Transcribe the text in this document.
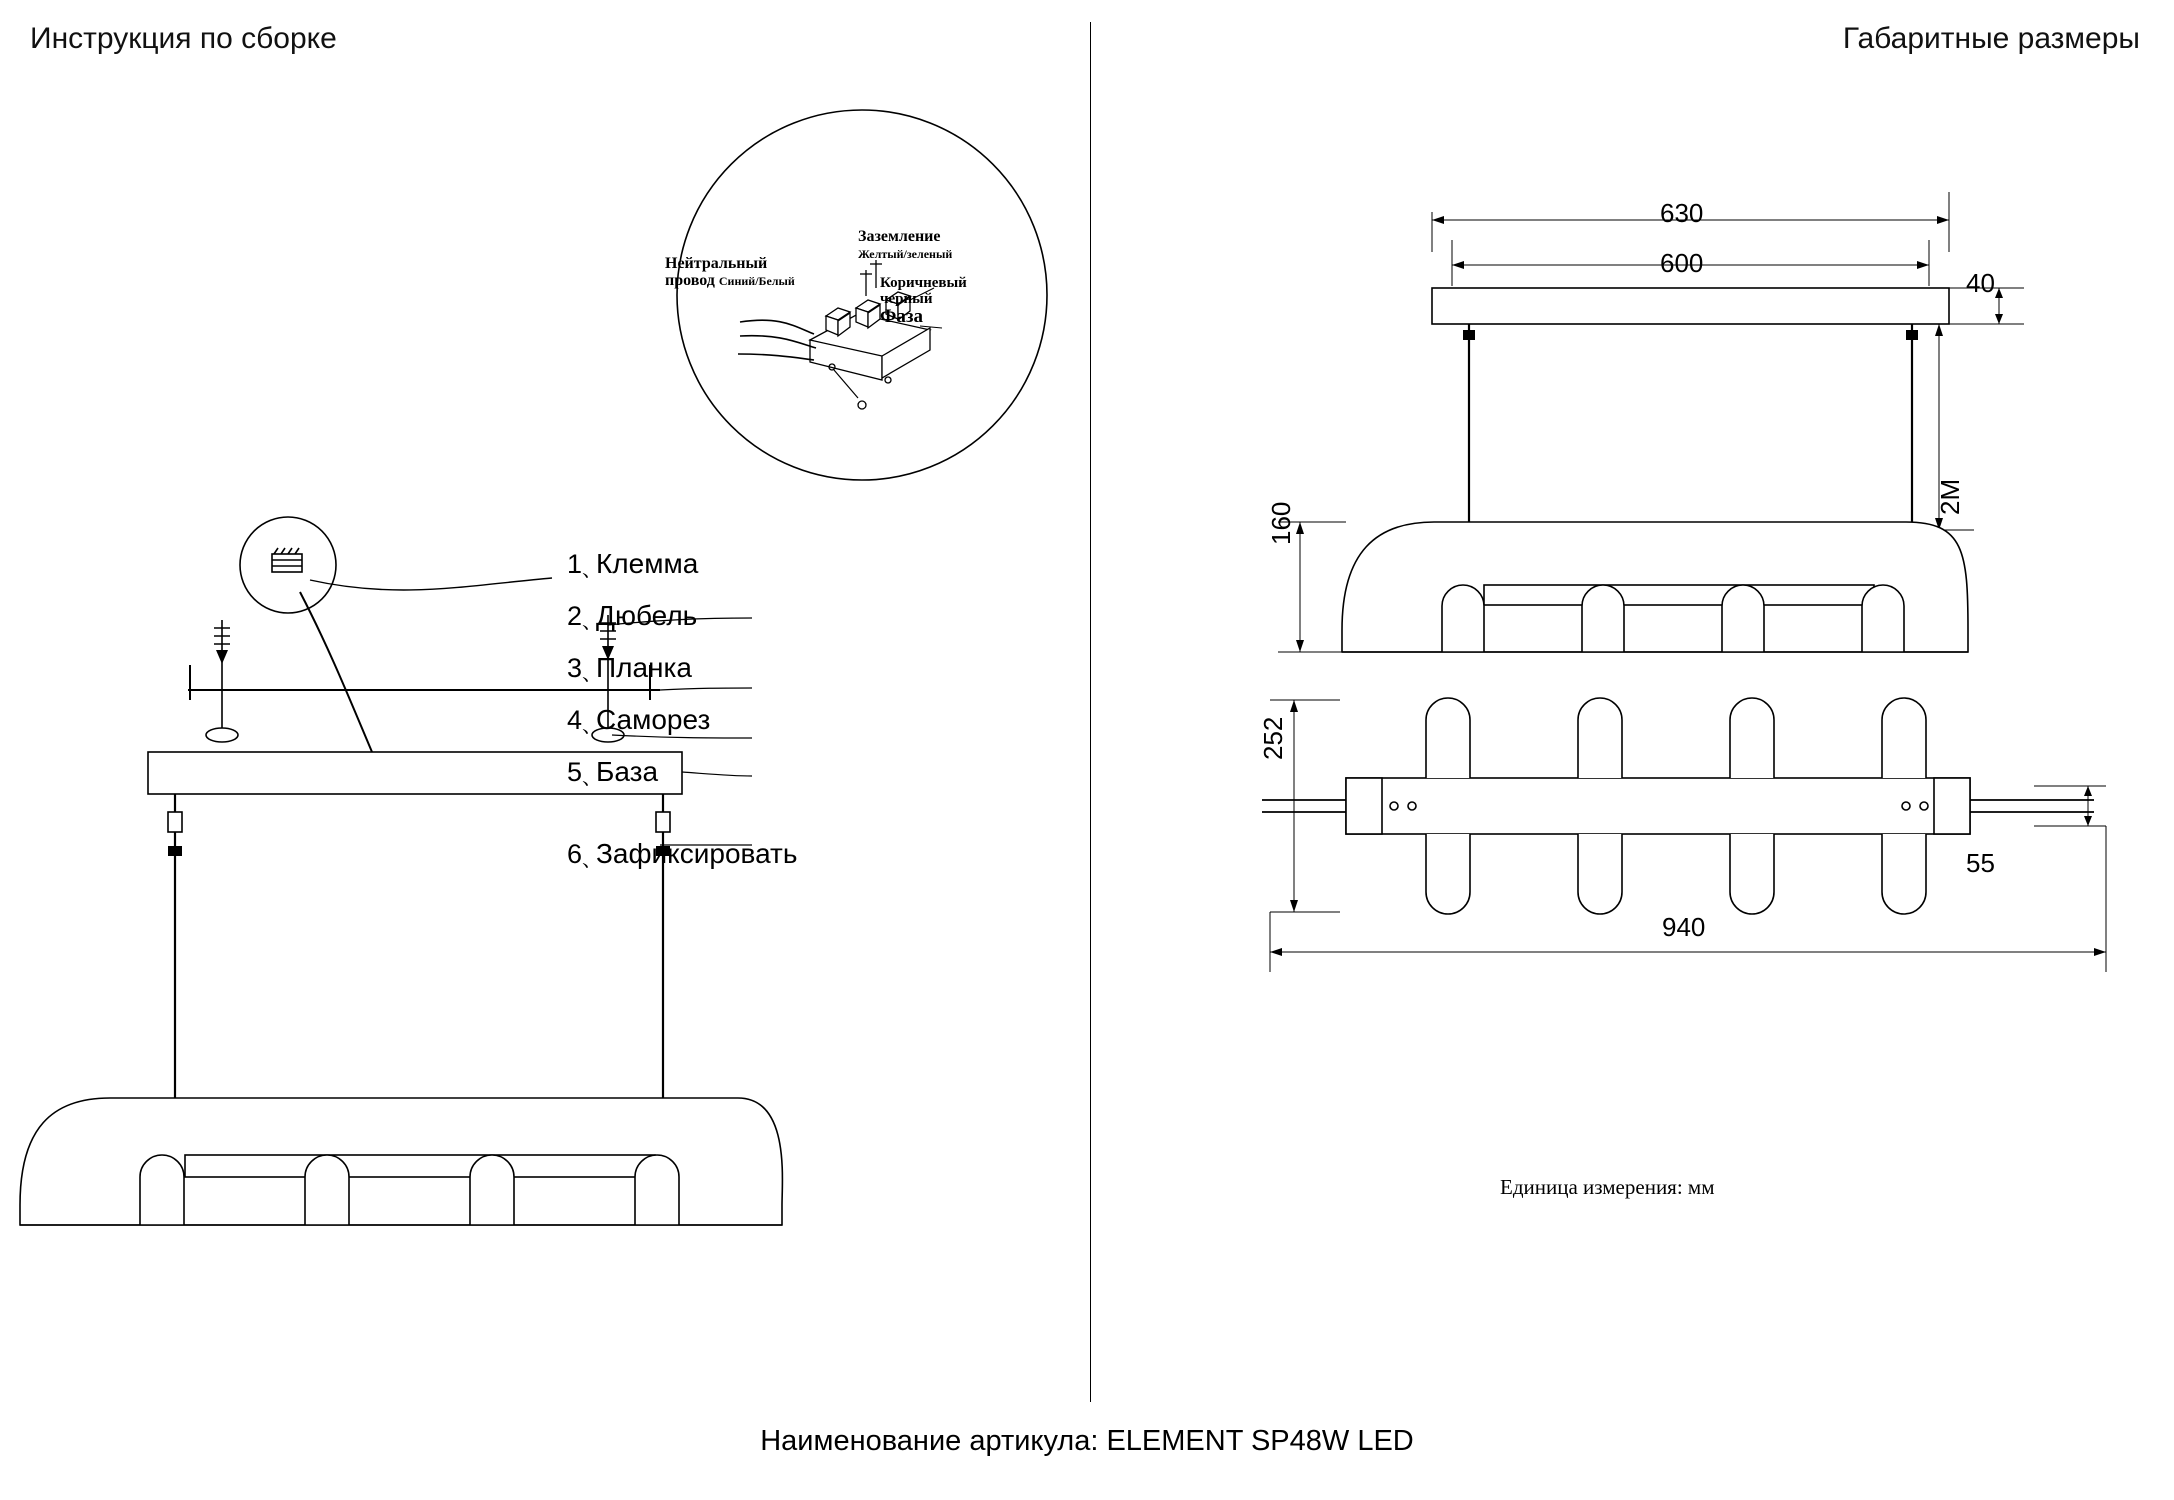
Инструкция по сборке	Габаритные размеры
Нейтральный
провод Синий/Белый
Заземление
Желтый/зеленый
Коричневый
черный
Фаза
1、Клемма
2、Дюбель
3、Планка
4、Саморез
5、База
6、Зафиксировать
630
600
40
2M
160
252
55
940
Единица измерения: мм
Наименование артикула: ELEMENT SP48W LED
